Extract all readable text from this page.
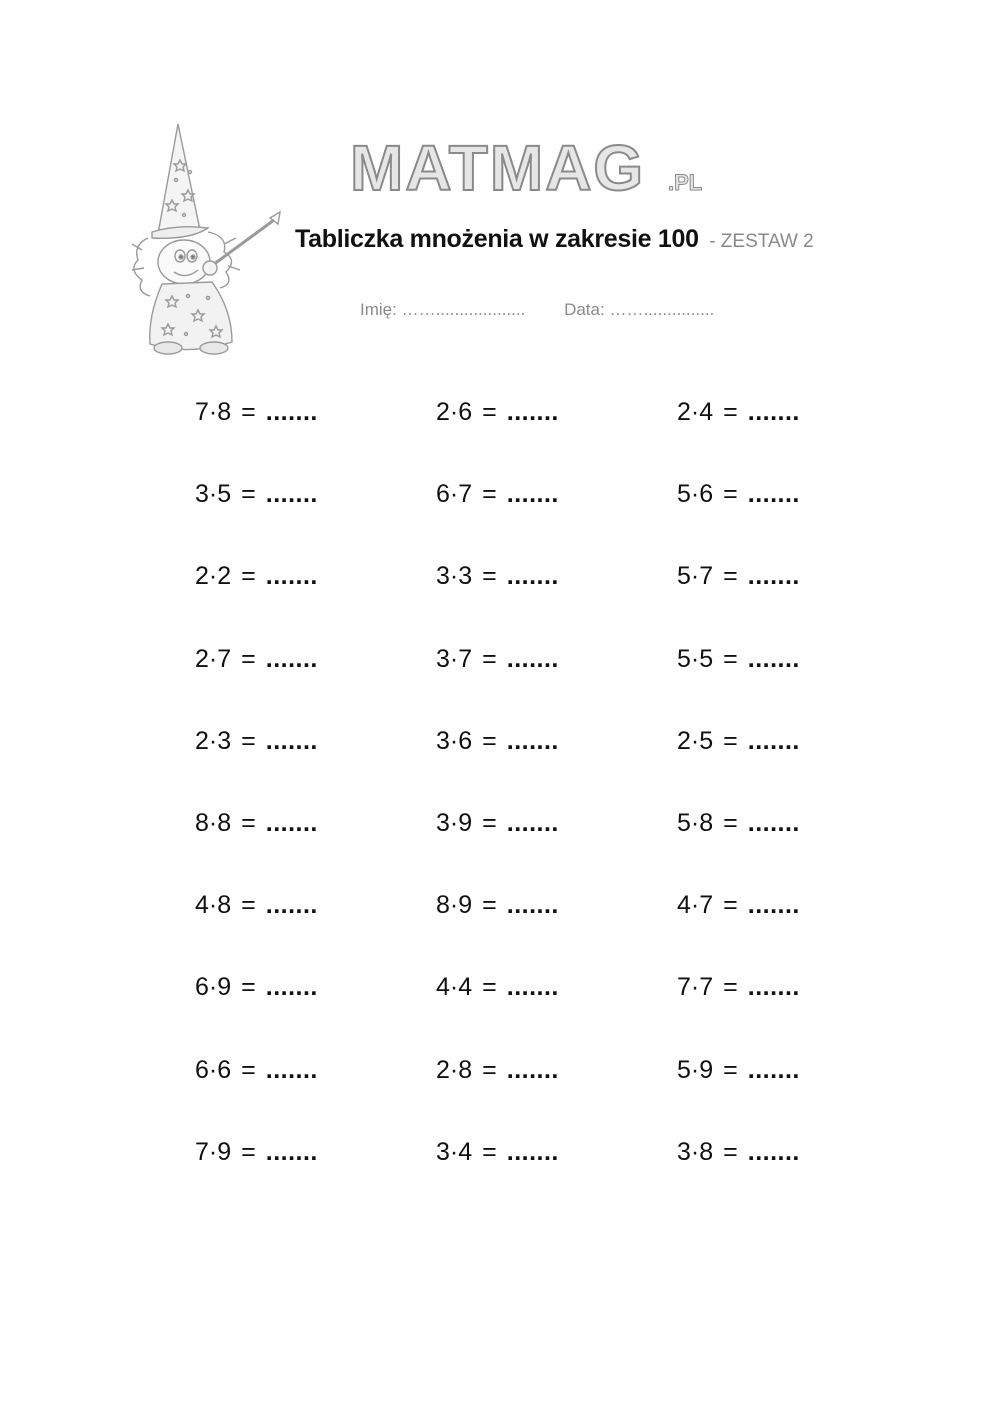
MATMAG .PL
Tabliczka mnożenia w zakresie 100 - ZESTAW 2
Imię: ……................... Data: ……...............
7·8 = .......	2·6 = .......	2·4 = .......
3·5 = .......	6·7 = .......	5·6 = .......
2·2 = .......	3·3 = .......	5·7 = .......
2·7 = .......	3·7 = .......	5·5 = .......
2·3 = .......	3·6 = .......	2·5 = .......
8·8 = .......	3·9 = .......	5·8 = .......
4·8 = .......	8·9 = .......	4·7 = .......
6·9 = .......	4·4 = .......	7·7 = .......
6·6 = .......	2·8 = .......	5·9 = .......
7·9 = .......	3·4 = .......	3·8 = .......
